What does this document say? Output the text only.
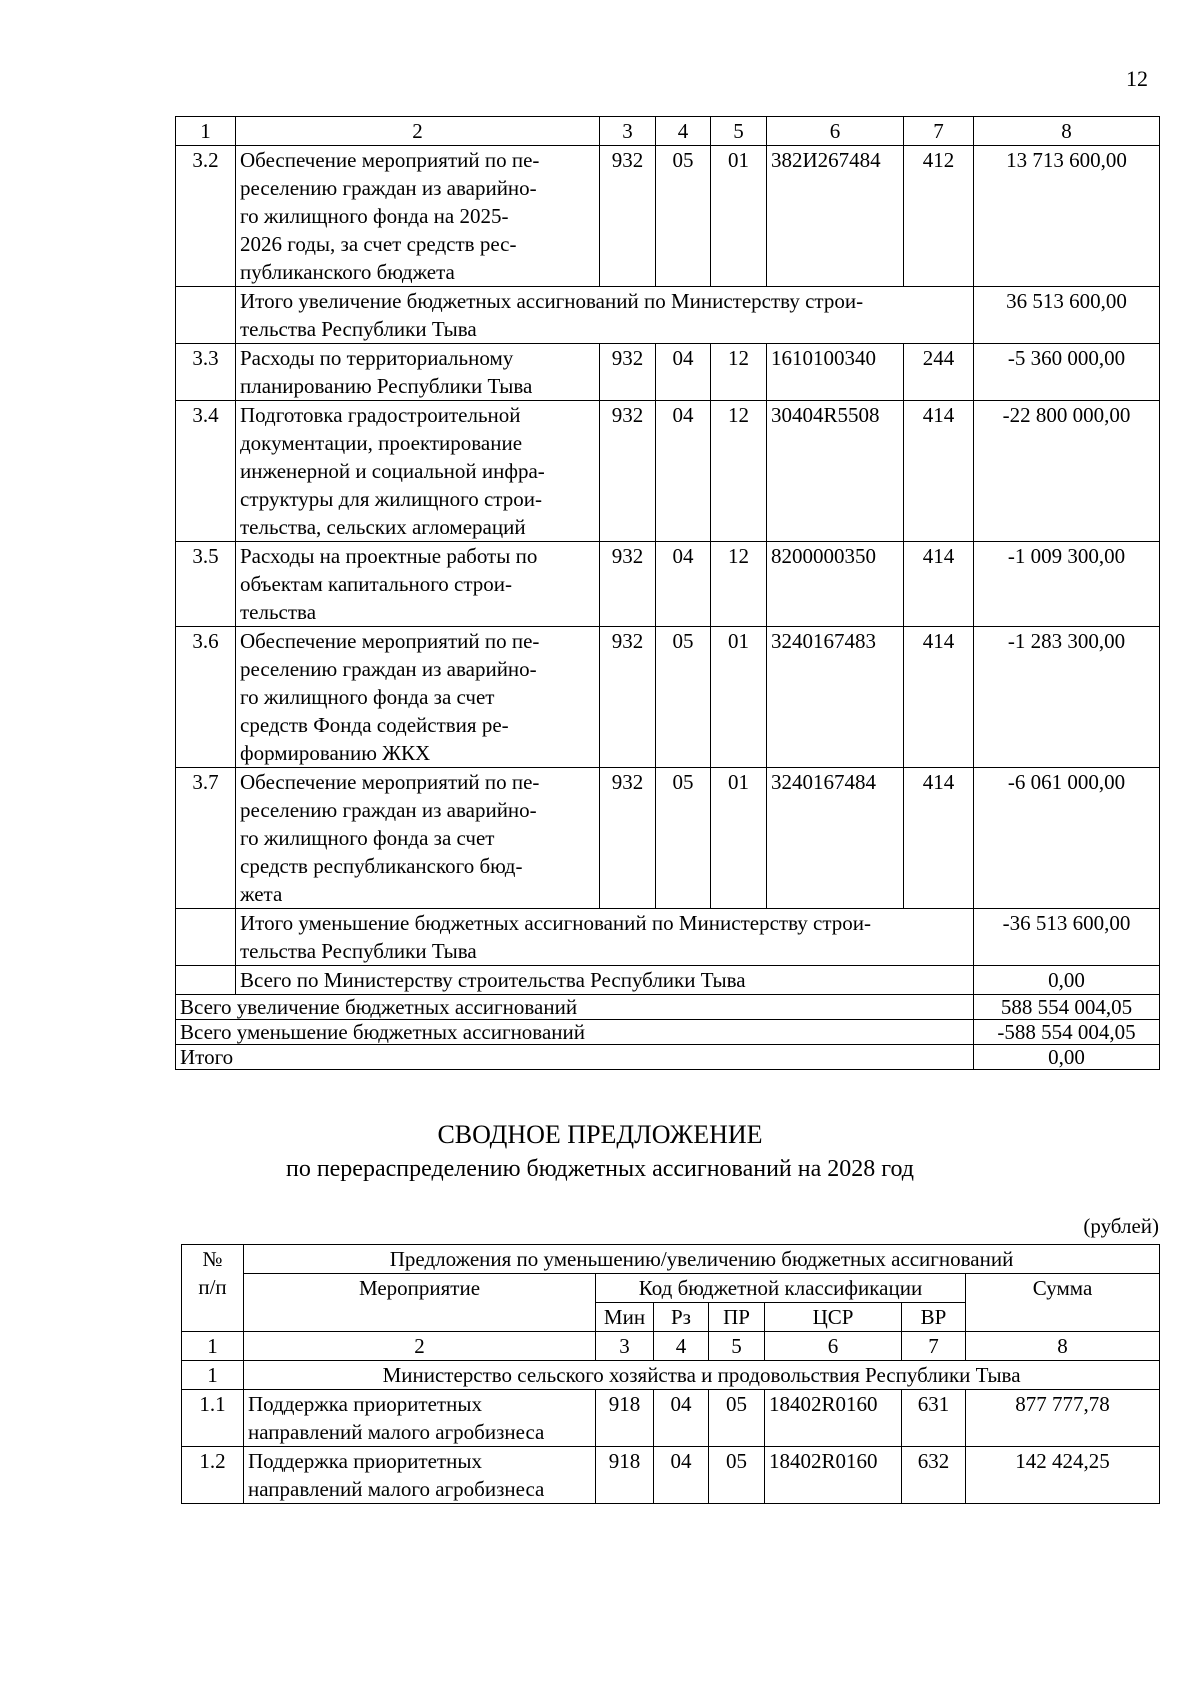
12
1	2	3	4	5	6	7	8
3.2	Обеспечение мероприятий по пе-
реселению граждан из аварийно-
го жилищного фонда на 2025-
2026 годы, за счет средств рес-
публиканского бюджета	932	05	01	382И267484	412	13 713 600,00
	Итого увеличение бюджетных ассигнований по Министерству строи-
тельства Республики Тыва						36 513 600,00
3.3	Расходы по территориальному
планированию Республики Тыва	932	04	12	1610100340	244	-5 360 000,00
3.4	Подготовка градостроительной
документации, проектирование
инженерной и социальной инфра-
структуры для жилищного строи-
тельства, сельских агломераций	932	04	12	30404R5508	414	-22 800 000,00
3.5	Расходы на проектные работы по
объектам капитального строи-
тельства	932	04	12	8200000350	414	-1 009 300,00
3.6	Обеспечение мероприятий по пе-
реселению граждан из аварийно-
го жилищного фонда за счет
средств Фонда содействия ре-
формированию ЖКХ	932	05	01	3240167483	414	-1 283 300,00
3.7	Обеспечение мероприятий по пе-
реселению граждан из аварийно-
го жилищного фонда за счет
средств республиканского бюд-
жета	932	05	01	3240167484	414	-6 061 000,00
	Итого уменьшение бюджетных ассигнований по Министерству строи-
тельства Республики Тыва						-36 513 600,00
	Всего по Министерству строительства Республики Тыва						0,00
Всего увеличение бюджетных ассигнований							588 554 004,05
Всего уменьшение бюджетных ассигнований							-588 554 004,05
Итого							0,00
СВОДНОЕ ПРЕДЛОЖЕНИЕ
по перераспределению бюджетных ассигнований на 2028 год
(рублей)
№
п/п	Предложения по уменьшению/увеличению бюджетных ассигнований						
	Мероприятие	Код бюджетной классификации					Сумма
		Мин	Рз	ПР	ЦСР	ВР	
1	2	3	4	5	6	7	8
1	Министерство сельского хозяйства и продовольствия Республики Тыва						
1.1	Поддержка приоритетных
направлений малого агробизнеса	918	04	05	18402R0160	631	877 777,78
1.2	Поддержка приоритетных
направлений малого агробизнеса	918	04	05	18402R0160	632	142 424,25
